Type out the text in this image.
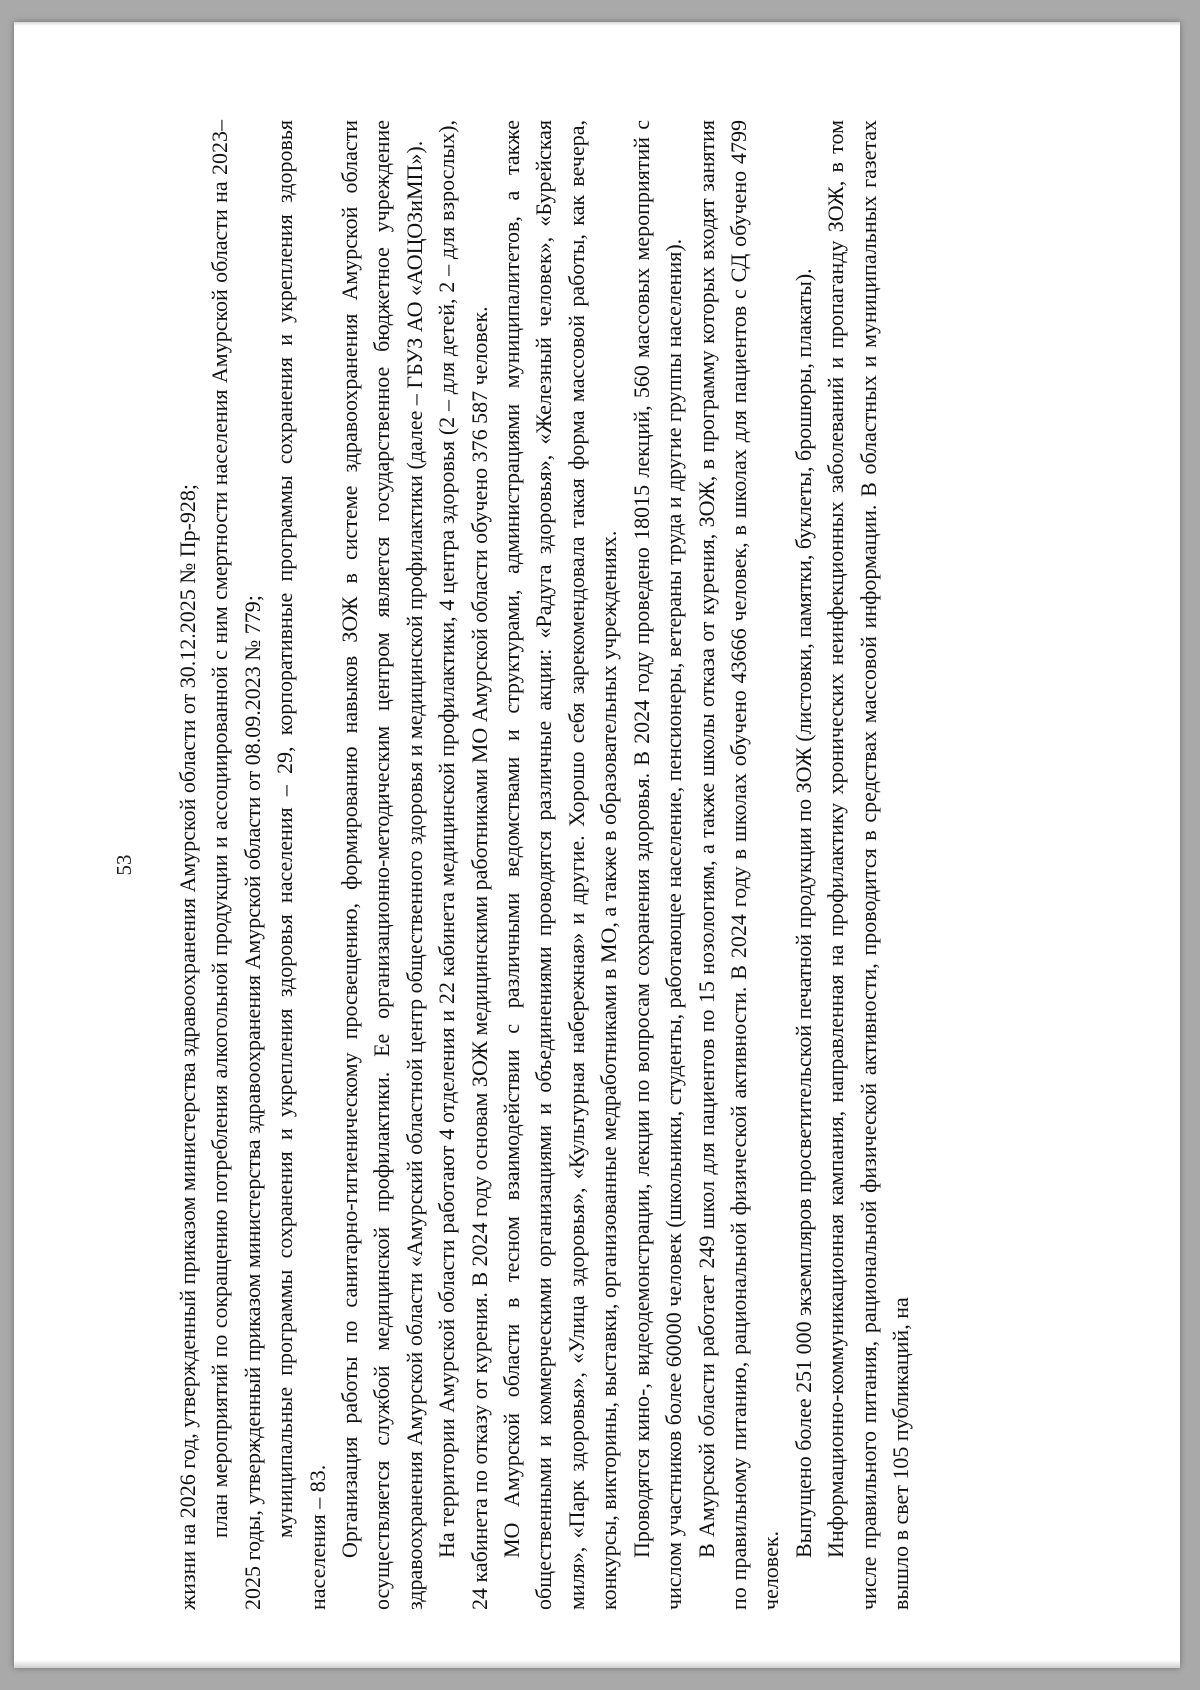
53 жизни на 2026 год, утвержденный приказом министерства здравоохранения Амурской области от 30.12.2025 № Пр-928; план мероприятий по сокращению потребления алкогольной продукции и ассоциированной с ним смертности населения Амурской области на 2023–2025 годы, утвержденный приказом министерства здравоохранения Амурской области от 08.09.2023 № 779; муниципальные программы сохранения и укрепления здоровья населения – 29, корпоративные программы сохранения и укрепления здоровья населения – 83. Организация работы по санитарно-гигиеническому просвещению, формированию навыков ЗОЖ в системе здравоохранения Амурской области осуществляется службой медицинской профилактики. Ее организационно-методическим центром является государственное бюджетное учреждение здравоохранения Амурской области «Амурский областной центр общественного здоровья и медицинской профилактики (далее – ГБУЗ АО «АОЦОЗиМП»). На территории Амурской области работают 4 отделения и 22 кабинета медицинской профилактики, 4 центра здоровья (2 – для детей, 2 – для взрослых), 24 кабинета по отказу от курения. В 2024 году основам ЗОЖ медицинскими работниками МО Амурской области обучено 376 587 человек. МО Амурской области в тесном взаимодействии с различными ведомствами и структурами, администрациями муниципалитетов, а также общественными и коммерческими организациями и объединениями проводятся различные акции: «Радуга здоровья», «Железный человек», «Бурейская миля», «Парк здоровья», «Улица здоровья», «Культурная набережная» и другие. Хорошо себя зарекомендовала такая форма массовой работы, как вечера, конкурсы, викторины, выставки, организованные медработниками в МО, а также в образовательных учреждениях. Проводятся кино-, видеодемонстрации, лекции по вопросам сохранения здоровья. В 2024 году проведено 18015 лекций, 560 массовых мероприятий с числом участников более 60000 человек (школьники, студенты, работающее население, пенсионеры, ветераны труда и другие группы населения). В Амурской области работает 249 школ для пациентов по 15 нозологиям, а также школы отказа от курения, ЗОЖ, в программу которых входят занятия по правильному питанию, рациональной физической активности. В 2024 году в школах обучено 43666 человек, в школах для пациентов с СД обучено 4799 человек.

Выпущено более 251 000 экземпляров просветительской печатной продукции по ЗОЖ (листовки, памятки, буклеты, брошюры, плакаты). Информационно-коммуникационная кампания, направленная на профилактику хронических неинфекционных заболеваний и пропаганду ЗОЖ, в том числе правильного питания, рациональной физической активности, проводится в средствах массовой информации. В областных и муниципальных газетах вышло в свет 105 публикаций, на
